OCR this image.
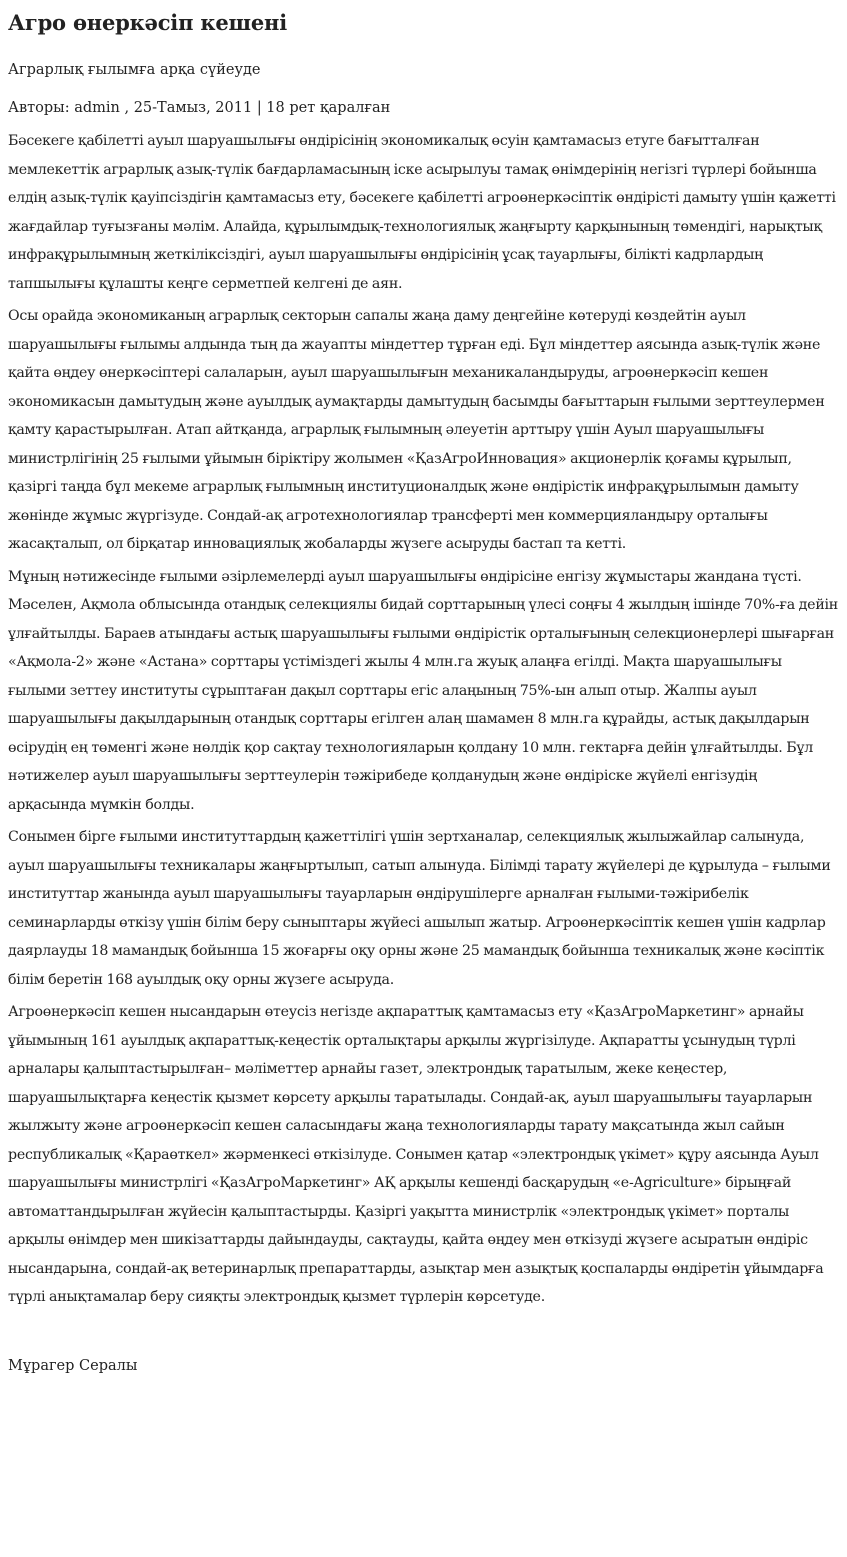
Агро өнеркәсіп кешені
Аграрлық ғылымға арқа сүйеуде
Авторы: admin , 25-Тамыз, 2011 | 18 рет қаралған

Бәсекеге қабілетті ауыл шаруашылығы өндірісінің экономикалық өсуін қамтамасыз етуге бағытталған мемлекеттік аграрлық азық-түлік бағдарламасының іске асырылуы тамақ өнімдерінің негізгі түрлері бойынша елдің азық-түлік қауіпсіздігін қамтамасыз ету, бәсекеге қабілетті агроөнеркәсіптік өндірісті дамыту үшін қажетті жағдайлар туғызғаны мәлім. Алайда, құрылымдық-технологиялық жаңғырту қарқынының төмендігі, нарықтық инфрақұрылымның жеткіліксіздігі, ауыл шаруашылығы өндірісінің ұсақ тауарлығы, білікті кадрлардың тапшылығы құлашты кеңге серметпей келгені де аян.

Осы орайда экономиканың аграрлық секторын сапалы жаңа даму деңгейіне көтеруді көздейтін ауыл шаруашылығы ғылымы алдында тың да жауапты міндеттер тұрған еді. Бұл міндеттер аясында азық-түлік және қайта өңдеу өнеркәсіптері салаларын, ауыл шаруашылығын механикаландыруды, агроөнеркәсіп кешен экономикасын дамытудың және ауылдық аумақтарды дамытудың басымды бағыттарын ғылыми зерттеулермен қамту қарастырылған. Атап айтқанда, аграрлық ғылымның әлеуетін арттыру үшін Ауыл шаруашылығы министрлігінің 25 ғылыми ұйымын біріктіру жолымен «ҚазАгроИнновация» акционерлік қоғамы құрылып, қазіргі таңда бұл мекеме аграрлық ғылымның институционалдық және өндірістік инфрақұрылымын дамыту жөнінде жұмыс жүргізуде. Сондай-ақ агротехнологиялар трансферті мен коммерцияландыру орталығы жасақталып, ол бірқатар инновациялық жобаларды жүзеге асыруды бастап та кетті.

Мұның нәтижесінде ғылыми әзірлемелерді ауыл шаруашылығы өндірісіне енгізу жұмыстары жандана түсті. Мәселен, Ақмола облысында отандық селекциялы бидай сорттарының үлесі соңғы 4 жылдың ішінде 70%-ға дейін ұлғайтылды. Бараев атындағы астық шаруашылығы ғылыми өндірістік орталығының селекционерлері шығарған «Ақмола-2» және «Астана» сорттары үстіміздегі жылы 4 млн.га жуық алаңға егілді. Мақта шаруашылығы ғылыми зеттеу институты сұрыптаған дақыл сорттары егіс алаңының 75%-ын алып отыр. Жалпы ауыл шаруашылығы дақылдарының отандық сорттары егілген алаң шамамен 8 млн.га құрайды, астық дақылдарын өсірудің ең төменгі және нөлдік қор сақтау технологияларын қолдану 10 млн. гектарға дейін ұлғайтылды. Бұл нәтижелер ауыл шаруашылығы зерттеулерін тәжірибеде қолданудың және өндіріске жүйелі енгізудің арқасында мүмкін болды.

Сонымен бірге ғылыми институттардың қажеттілігі үшін зертханалар, селекциялық жылыжайлар салынуда, ауыл шаруашылығы техникалары жаңғыртылып, сатып алынуда. Білімді тарату жүйелері де құрылуда – ғылыми институттар жанында ауыл шаруашылығы тауарларын өндірушілерге арналған ғылыми-тәжірибелік семинарларды өткізу үшін білім беру сыныптары жүйесі ашылып жатыр. Агроөнеркәсіптік кешен үшін кадрлар даярлауды 18 мамандық бойынша 15 жоғарғы оқу орны және 25 мамандық бойынша техникалық және кәсіптік білім беретін 168 ауылдық оқу орны жүзеге асыруда.

Агроөнеркәсіп кешен нысандарын өтеусіз негізде ақпараттық қамтамасыз ету «ҚазАгроМаркетинг» арнайы ұйымының 161 ауылдық ақпараттық-кеңестік орталықтары арқылы жүргізілуде. Ақпаратты ұсынудың түрлі арналары қалыптастырылған– мәліметтер арнайы газет, электрондық таратылым, жеке кеңестер, шаруашылықтарға кеңестік қызмет көрсету арқылы таратылады. Сондай-ақ, ауыл шаруашылығы тауарларын жылжыту және агроөнеркәсіп кешен саласындағы жаңа технологияларды тарату мақсатында жыл сайын республикалық «Қараөткел» жәрменкесі өткізілуде. Сонымен қатар «электрондық үкімет» құру аясында Ауыл шаруашылығы министрлігі «ҚазАгроМаркетинг» АҚ арқылы кешенді басқарудың «e-Agriculture» бірыңғай автоматтандырылған жүйесін қалыптастырды. Қазіргі уақытта министрлік «электрондық үкімет» порталы арқылы өнімдер мен шикізаттарды дайындауды, сақтауды, қайта өңдеу мен өткізуді жүзеге асыратын өндіріс нысандарына, сондай-ақ ветеринарлық препараттарды, азықтар мен азықтық қоспаларды өндіретін ұйымдарға түрлі анықтамалар беру сияқты электрондық қызмет түрлерін көрсетуде.

Мұрагер Сералы
